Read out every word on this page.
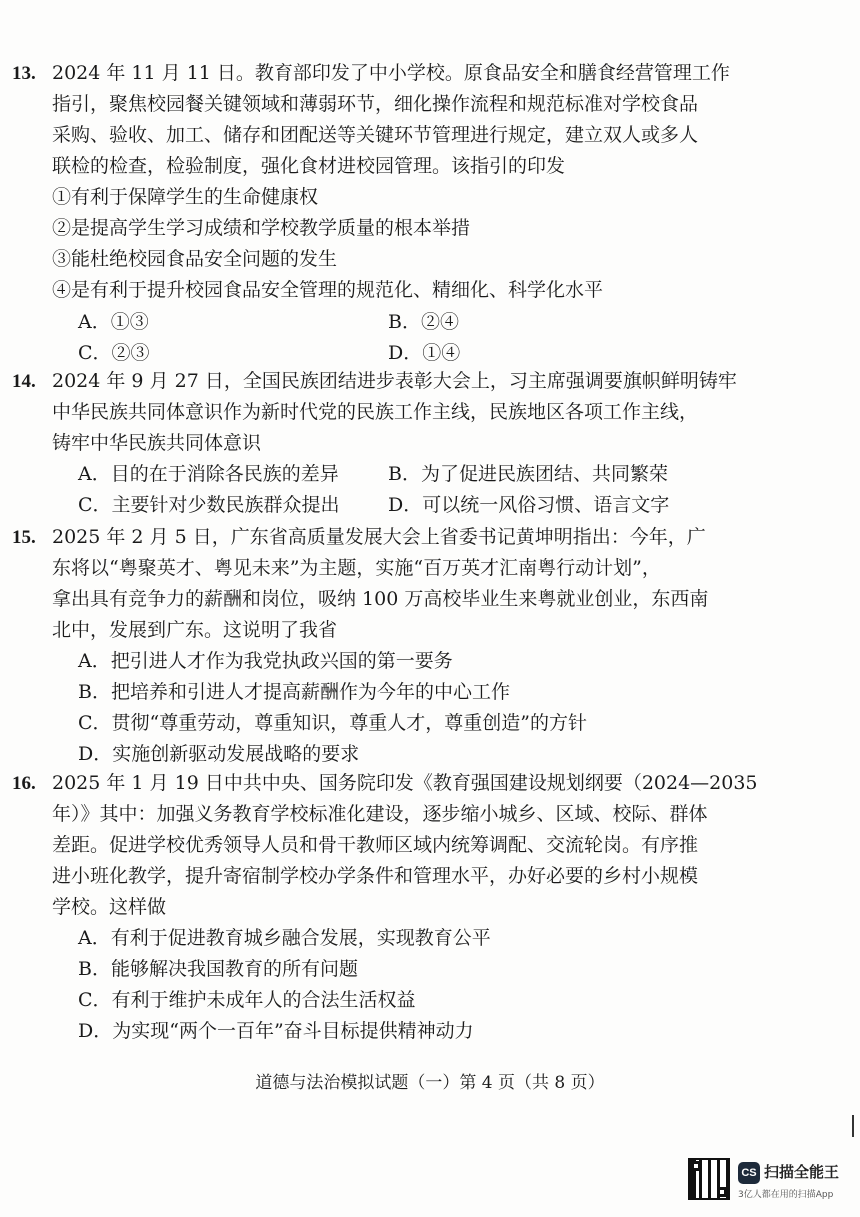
13. 2024 年 11 月 11 日。教育部印发了中小学校。原食品安全和膳食经营管理工作
指引，聚焦校园餐关键领域和薄弱环节，细化操作流程和规范标准对学校食品
采购、验收、加工、储存和团配送等关键环节管理进行规定，建立双人或多人
联检的检查，检验制度，强化食材进校园管理。该指引的印发
①有利于保障学生的生命健康权
②是提高学生学习成绩和学校教学质量的根本举措
③能杜绝校园食品安全问题的发生
④是有利于提升校园食品安全管理的规范化、精细化、科学化水平
A．①③	B．②④
C．②③	D．①④
14. 2024 年 9 月 27 日，全国民族团结进步表彰大会上，习主席强调要旗帜鲜明铸牢
中华民族共同体意识作为新时代党的民族工作主线，民族地区各项工作主线，
铸牢中华民族共同体意识
A．目的在于消除各民族的差异	B．为了促进民族团结、共同繁荣
C．主要针对少数民族群众提出	D．可以统一风俗习惯、语言文字
15. 2025 年 2 月 5 日，广东省高质量发展大会上省委书记黄坤明指出：今年，广
东将以“粤聚英才、粤见未来”为主题，实施“百万英才汇南粤行动计划”，
拿出具有竞争力的薪酬和岗位，吸纳 100 万高校毕业生来粤就业创业，东西南
北中，发展到广东。这说明了我省
A．把引进人才作为我党执政兴国的第一要务
B．把培养和引进人才提高薪酬作为今年的中心工作
C．贯彻“尊重劳动，尊重知识，尊重人才，尊重创造”的方针
D．实施创新驱动发展战略的要求
16. 2025 年 1 月 19 日中共中央、国务院印发《教育强国建设规划纲要（2024—2035
年）》其中：加强义务教育学校标准化建设，逐步缩小城乡、区域、校际、群体
差距。促进学校优秀领导人员和骨干教师区域内统筹调配、交流轮岗。有序推
进小班化教学，提升寄宿制学校办学条件和管理水平，办好必要的乡村小规模
学校。这样做
A．有利于促进教育城乡融合发展，实现教育公平
B．能够解决我国教育的所有问题
C．有利于维护未成年人的合法生活权益
D．为实现“两个一百年”奋斗目标提供精神动力
道德与法治模拟试题（一）第 4 页（共 8 页）
CS 扫描全能王
3亿人都在用的扫描App
